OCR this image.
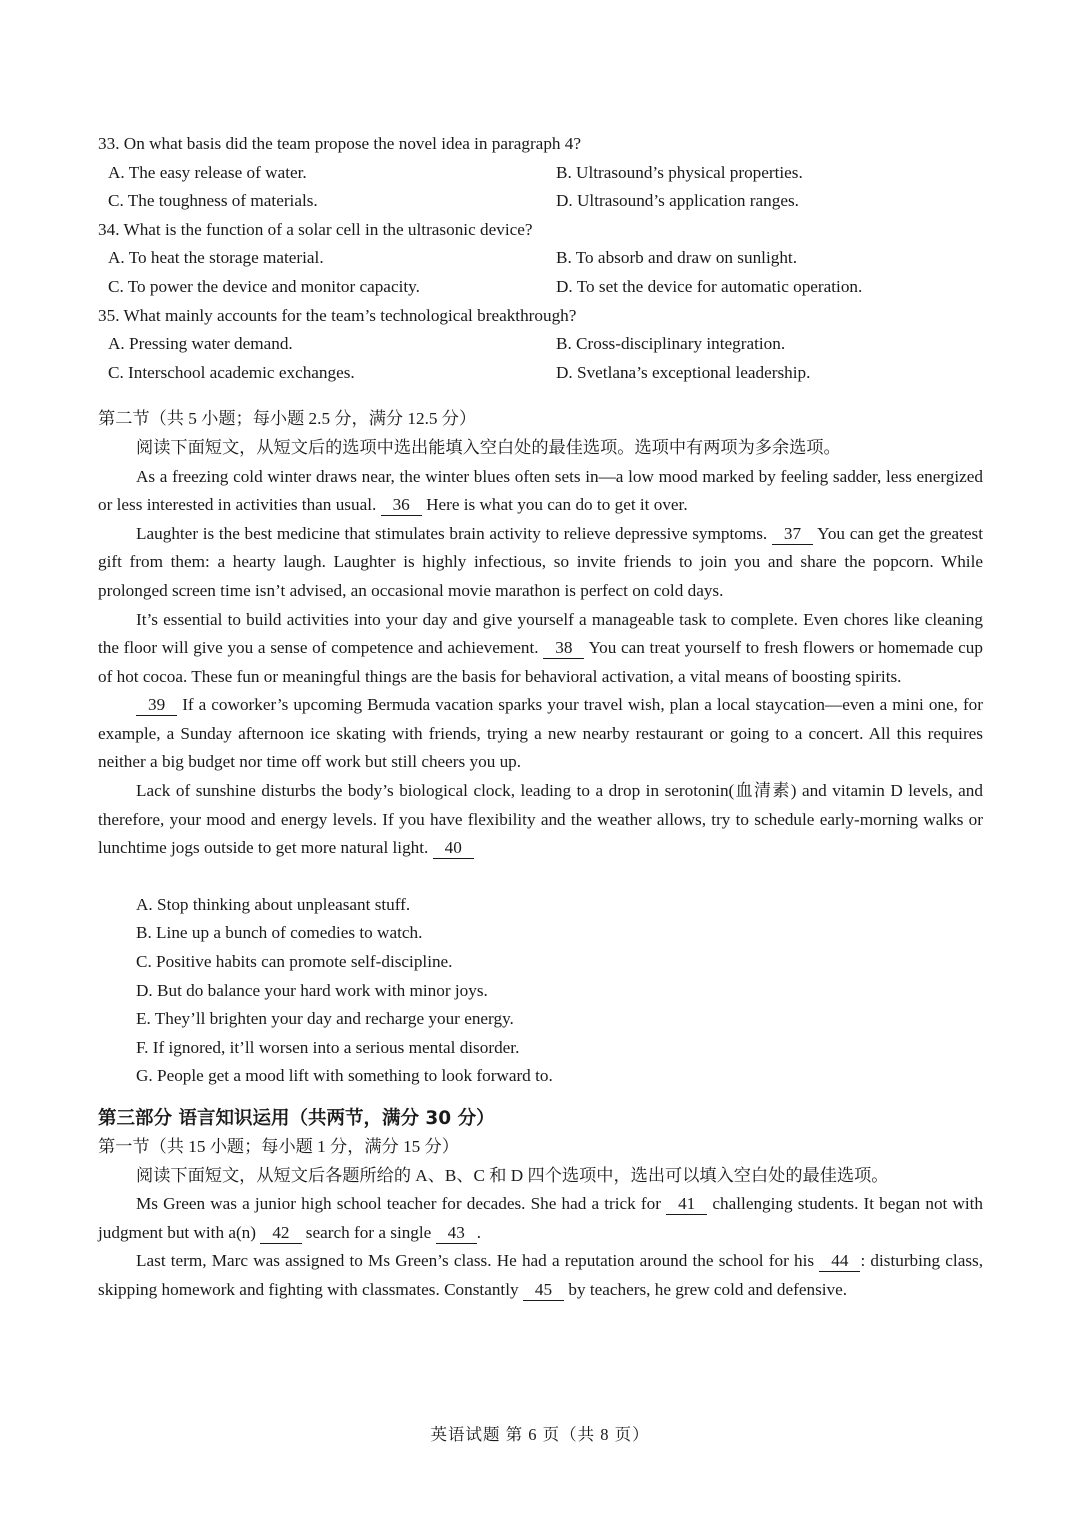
33. On what basis did the team propose the novel idea in paragraph 4?
A. The easy release of water.	B. Ultrasound’s physical properties.
C. The toughness of materials.	D. Ultrasound’s application ranges.
34. What is the function of a solar cell in the ultrasonic device?
A. To heat the storage material.	B. To absorb and draw on sunlight.
C. To power the device and monitor capacity.	D. To set the device for automatic operation.
35. What mainly accounts for the team’s technological breakthrough?
A. Pressing water demand.	B. Cross-disciplinary integration.
C. Interschool academic exchanges.	D. Svetlana’s exceptional leadership.
第二节（共 5 小题；每小题 2.5 分，满分 12.5 分）
阅读下面短文，从短文后的选项中选出能填入空白处的最佳选项。选项中有两项为多余选项。
As a freezing cold winter draws near, the winter blues often sets in—a low mood marked by feeling sadder, less energized or less interested in activities than usual. 36 Here is what you can do to get it over.
Laughter is the best medicine that stimulates brain activity to relieve depressive symptoms. 37 You can get the greatest gift from them: a hearty laugh. Laughter is highly infectious, so invite friends to join you and share the popcorn. While prolonged screen time isn’t advised, an occasional movie marathon is perfect on cold days.
It’s essential to build activities into your day and give yourself a manageable task to complete. Even chores like cleaning the floor will give you a sense of competence and achievement. 38 You can treat yourself to fresh flowers or homemade cup of hot cocoa. These fun or meaningful things are the basis for behavioral activation, a vital means of boosting spirits.
39 If a coworker’s upcoming Bermuda vacation sparks your travel wish, plan a local staycation—even a mini one, for example, a Sunday afternoon ice skating with friends, trying a new nearby restaurant or going to a concert. All this requires neither a big budget nor time off work but still cheers you up.
Lack of sunshine disturbs the body’s biological clock, leading to a drop in serotonin(血清素) and vitamin D levels, and therefore, your mood and energy levels. If you have flexibility and the weather allows, try to schedule early-morning walks or lunchtime jogs outside to get more natural light. 40
A. Stop thinking about unpleasant stuff.
B. Line up a bunch of comedies to watch.
C. Positive habits can promote self-discipline.
D. But do balance your hard work with minor joys.
E. They’ll brighten your day and recharge your energy.
F. If ignored, it’ll worsen into a serious mental disorder.
G. People get a mood lift with something to look forward to.
第三部分 语言知识运用（共两节，满分 30 分）
第一节（共 15 小题；每小题 1 分，满分 15 分）
阅读下面短文，从短文后各题所给的 A、B、C 和 D 四个选项中，选出可以填入空白处的最佳选项。
Ms Green was a junior high school teacher for decades. She had a trick for 41 challenging students. It began not with judgment but with a(n) 42 search for a single 43 .
Last term, Marc was assigned to Ms Green’s class. He had a reputation around the school for his 44 : disturbing class, skipping homework and fighting with classmates. Constantly 45 by teachers, he grew cold and defensive.
英语试题 第 6 页（共 8 页）
